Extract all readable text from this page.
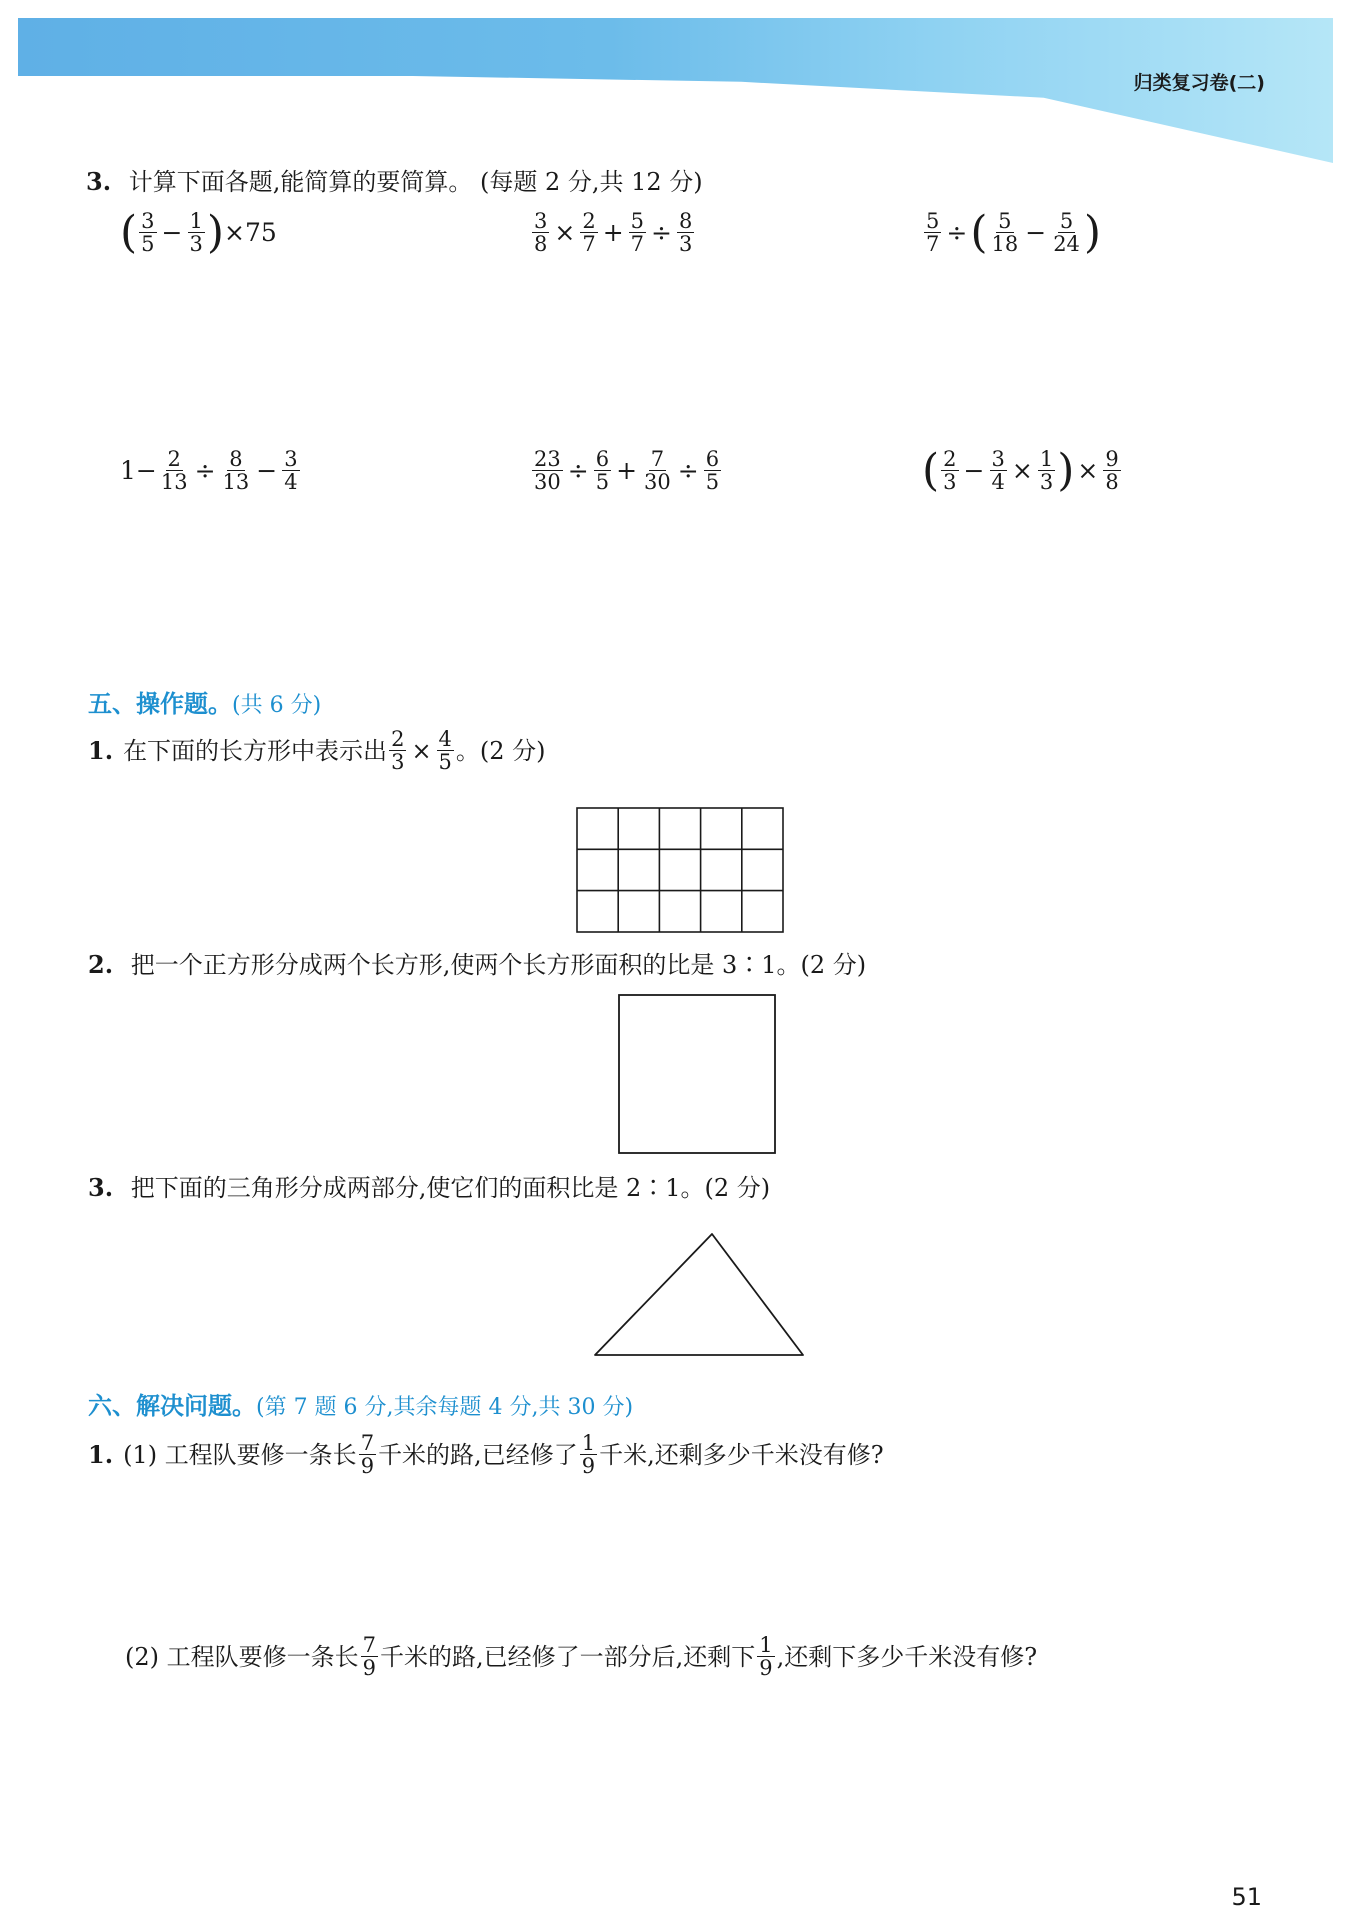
归类复习卷(二)
3. 计算下面各题,能简算的要简算。 (每题 2 分,共 12 分)
( $\frac{3}{5} - \frac{1}{3}$ ) ×75	$\frac{3}{8} \times \frac{2}{7} + \frac{5}{7} \div \frac{8}{3}$	$\frac{5}{7}$ ÷ ( $\frac{5}{18} - \frac{5}{24}$ )
$1- \frac{2}{13} \div \frac{8}{13} - \frac{3}{4}$	$\frac{23}{30} \div \frac{6}{5} + \frac{7}{30} \div \frac{6}{5}$	( $\frac{2}{3} - \frac{3}{4} \times \frac{1}{3}$ ) × $\frac{9}{8}$
五、操作题。(共 6 分)
1. 在下面的长方形中表示出 $\frac{2}{3} \times \frac{4}{5}$ 。(2 分)
2. 把一个正方形分成两个长方形,使两个长方形面积的比是 3∶1。(2 分)
3. 把下面的三角形分成两部分,使它们的面积比是 2∶1。(2 分)
六、解决问题。(第 7 题 6 分,其余每题 4 分,共 30 分)
1. (1) 工程队要修一条长 $\frac{7}{9}$ 千米的路,已经修了 $\frac{1}{9}$ 千米,还剩多少千米没有修?
(2) 工程队要修一条长 $\frac{7}{9}$ 千米的路,已经修了一部分后,还剩下 $\frac{1}{9}$ ,还剩下多少千米没有修?
51
